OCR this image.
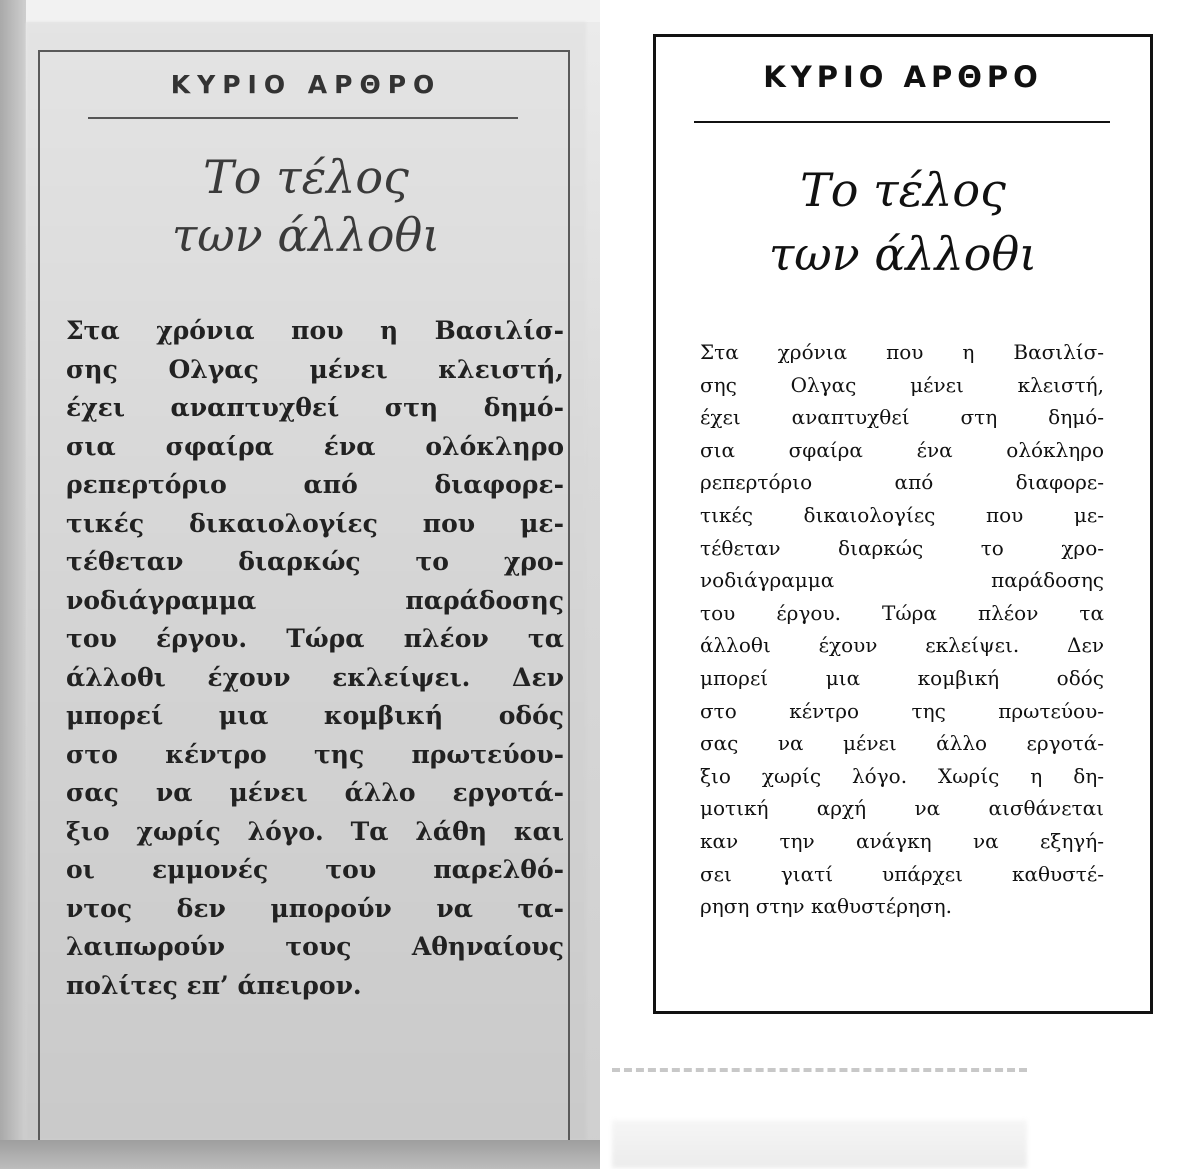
ΚΥΡΙΟ ΑΡΘΡΟ
Το τέλος
των άλλοθι

Στα χρόνια που η Βασιλίσ-
σης Ολγας μένει κλειστή,
έχει αναπτυχθεί στη δημό-
σια σφαίρα ένα ολόκληρο
ρεπερτόριο από διαφορε-
τικές δικαιολογίες που με-
τέθεταν διαρκώς το χρο-
νοδιάγραμμα παράδοσης
του έργου. Τώρα πλέον τα
άλλοθι έχουν εκλείψει. Δεν
μπορεί μια κομβική οδός
στο κέντρο της πρωτεύου-
σας να μένει άλλο εργοτά-
ξιο χωρίς λόγο. Τα λάθη και
οι εμμονές του παρελθό-
ντος δεν μπορούν να τα-
λαιπωρούν τους Αθηναίους
πολίτες επ’ άπειρον.

ΚΥΡΙΟ ΑΡΘΡΟ
Το τέλος
των άλλοθι

Στα χρόνια που η Βασιλίσ-
σης Ολγας μένει κλειστή,
έχει αναπτυχθεί στη δημό-
σια σφαίρα ένα ολόκληρο
ρεπερτόριο από διαφορε-
τικές δικαιολογίες που με-
τέθεταν διαρκώς το χρο-
νοδιάγραμμα παράδοσης
του έργου. Τώρα πλέον τα
άλλοθι έχουν εκλείψει. Δεν
μπορεί μια κομβική οδός
στο κέντρο της πρωτεύου-
σας να μένει άλλο εργοτά-
ξιο χωρίς λόγο. Χωρίς η δη-
μοτική αρχή να αισθάνεται
καν την ανάγκη να εξηγή-
σει γιατί υπάρχει καθυστέ-
ρηση στην καθυστέρηση.
